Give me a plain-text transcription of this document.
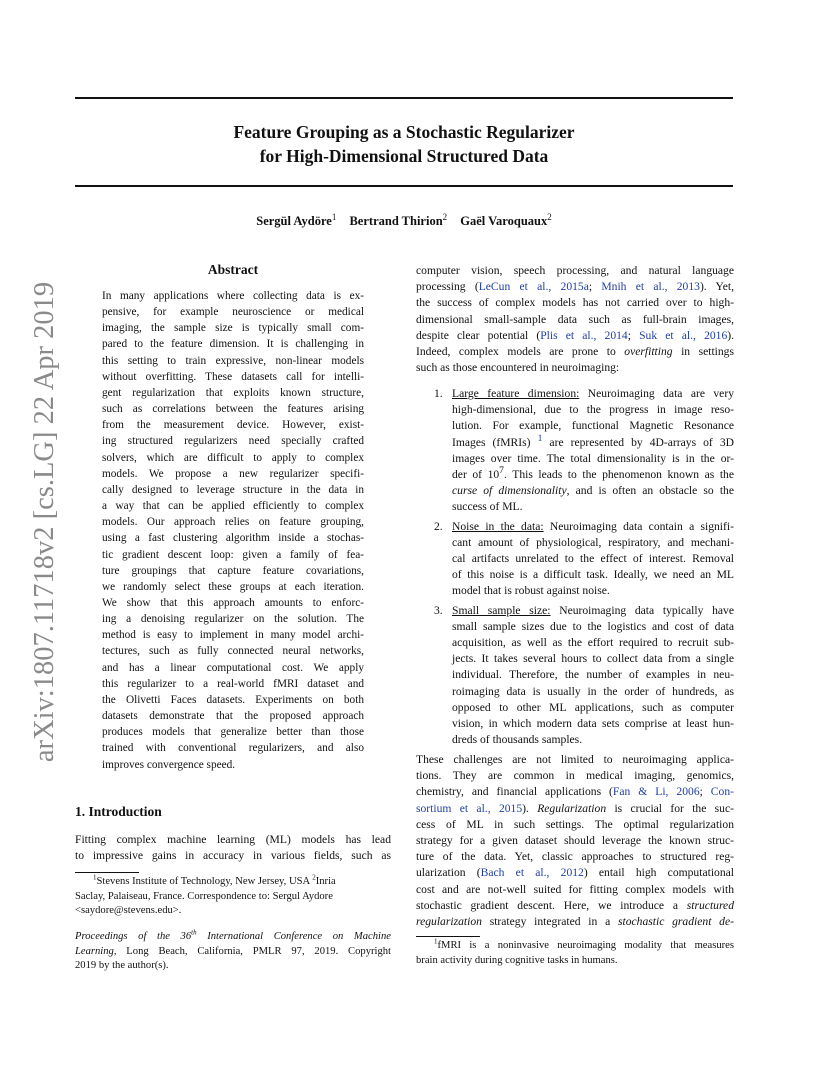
Feature Grouping as a Stochastic Regularizer
for High-Dimensional Structured Data
Sergül Aydöre$^1$ Bertrand Thirion$^2$ Gaël Varoquaux$^2$
arXiv:1807.11718v2 [cs.LG] 22 Apr 2019
Abstract
In many applications where collecting data is ex-
pensive, for example neuroscience or medical
imaging, the sample size is typically small com-
pared to the feature dimension. It is challenging in
this setting to train expressive, non-linear models
without overfitting. These datasets call for intelli-
gent regularization that exploits known structure,
such as correlations between the features arising
from the measurement device. However, exist-
ing structured regularizers need specially crafted
solvers, which are difficult to apply to complex
models. We propose a new regularizer specifi-
cally designed to leverage structure in the data in
a way that can be applied efficiently to complex
models. Our approach relies on feature grouping,
using a fast clustering algorithm inside a stochas-
tic gradient descent loop: given a family of fea-
ture groupings that capture feature covariations,
we randomly select these groups at each iteration.
We show that this approach amounts to enforc-
ing a denoising regularizer on the solution. The
method is easy to implement in many model archi-
tectures, such as fully connected neural networks,
and has a linear computational cost. We apply
this regularizer to a real-world fMRI dataset and
the Olivetti Faces datasets. Experiments on both
datasets demonstrate that the proposed approach
produces models that generalize better than those
trained with conventional regularizers, and also
improves convergence speed.
1. Introduction
Fitting complex machine learning (ML) models has lead
to impressive gains in accuracy in various fields, such as
$^1$Stevens Institute of Technology, New Jersey, USA $^2$Inria
Saclay, Palaiseau, France. Correspondence to: Sergul Aydore
<saydore@stevens.edu>.
Proceedings of the 36th International Conference on Machine
Learning, Long Beach, California, PMLR 97, 2019. Copyright
2019 by the author(s).
computer vision, speech processing, and natural language
processing (LeCun et al., 2015a; Mnih et al., 2013). Yet,
the success of complex models has not carried over to high-
dimensional small-sample data such as full-brain images,
despite clear potential (Plis et al., 2014; Suk et al., 2016).
Indeed, complex models are prone to overfitting in settings
such as those encountered in neuroimaging:
1. Large feature dimension: Neuroimaging data are very
high-dimensional, due to the progress in image reso-
lution. For example, functional Magnetic Resonance
Images (fMRIs) $^1$ are represented by 4D-arrays of 3D
images over time. The total dimensionality is in the or-
der of $10^7$. This leads to the phenomenon known as the
curse of dimensionality, and is often an obstacle so the
success of ML.
2. Noise in the data: Neuroimaging data contain a signifi-
cant amount of physiological, respiratory, and mechani-
cal artifacts unrelated to the effect of interest. Removal
of this noise is a difficult task. Ideally, we need an ML
model that is robust against noise.
3. Small sample size: Neuroimaging data typically have
small sample sizes due to the logistics and cost of data
acquisition, as well as the effort required to recruit sub-
jects. It takes several hours to collect data from a single
individual. Therefore, the number of examples in neu-
roimaging data is usually in the order of hundreds, as
opposed to other ML applications, such as computer
vision, in which modern data sets comprise at least hun-
dreds of thousands samples.
These challenges are not limited to neuroimaging applica-
tions. They are common in medical imaging, genomics,
chemistry, and financial applications (Fan & Li, 2006; Con-
sortium et al., 2015). Regularization is crucial for the suc-
cess of ML in such settings. The optimal regularization
strategy for a given dataset should leverage the known struc-
ture of the data. Yet, classic approaches to structured reg-
ularization (Bach et al., 2012) entail high computational
cost and are not-well suited for fitting complex models with
stochastic gradient descent. Here, we introduce a structured
regularization strategy integrated in a stochastic gradient de-
$^1$fMRI is a noninvasive neuroimaging modality that measures
brain activity during cognitive tasks in humans.
